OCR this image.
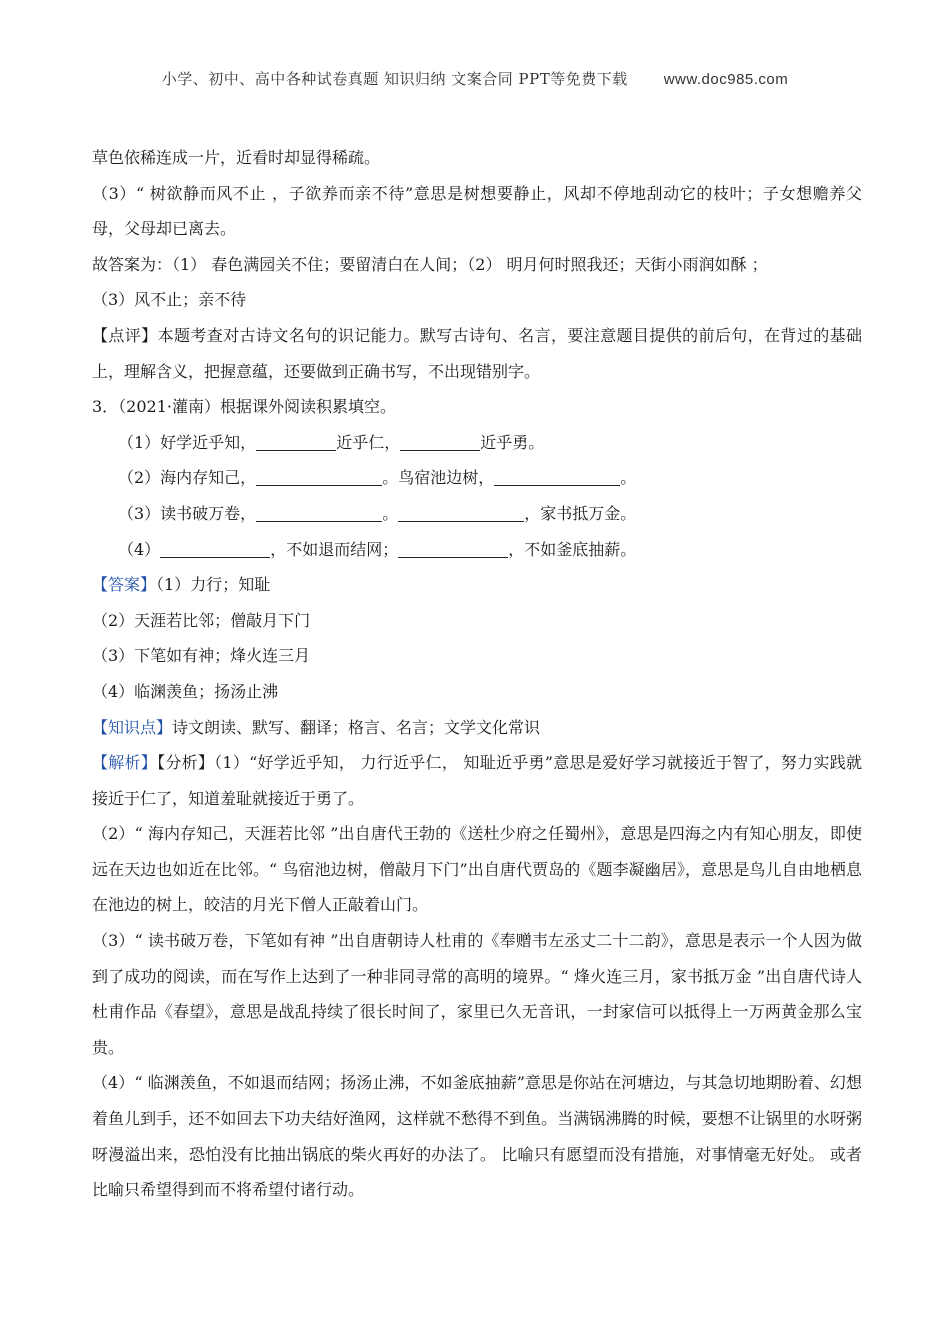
小学、初中、高中各种试卷真题 知识归纳 文案合同 PPT等免费下载 www.doc985.com

草色依稀连成一片，近看时却显得稀疏。

（3）“ 树欲静而风不止 ，子欲养而亲不待”意思是树想要静止，风却不停地刮动它的枝叶；子女想赡养父母，父母却已离去。

故答案为：（1） 春色满园关不住；要留清白在人间；（2） 明月何时照我还；天街小雨润如酥 ；

（3）风不止；亲不待

【点评】本题考查对古诗文名句的识记能力。默写古诗句、名言，要注意题目提供的前后句，在背过的基础上，理解含义，把握意蕴，还要做到正确书写，不出现错别字。

3．（2021·灌南）根据课外阅读积累填空。

（1）好学近乎知，	近乎仁，	近乎勇。

（2）海内存知己，	。鸟宿池边树，	。

（3）读书破万卷，	。	，家书抵万金。

（4）	，不如退而结网；	，不如釜底抽薪。

【答案】（1）力行；知耻

（2）天涯若比邻；僧敲月下门

（3）下笔如有神；烽火连三月

（4）临渊羡鱼；扬汤止沸

【知识点】诗文朗读、默写、翻译；格言、名言；文学文化常识

【解析】【分析】（1）“好学近乎知， 力行近乎仁， 知耻近乎勇”意思是爱好学习就接近于智了，努力实践就接近于仁了，知道羞耻就接近于勇了。

（2）“ 海内存知己，天涯若比邻 ”出自唐代王勃的《送杜少府之任蜀州》，意思是四海之内有知心朋友，即使远在天边也如近在比邻。“ 鸟宿池边树，僧敲月下门”出自唐代贾岛的《题李凝幽居》，意思是鸟儿自由地栖息在池边的树上，皎洁的月光下僧人正敲着山门。

（3）“ 读书破万卷，下笔如有神 ”出自唐朝诗人杜甫的《奉赠韦左丞丈二十二韵》，意思是表示一个人因为做到了成功的阅读，而在写作上达到了一种非同寻常的高明的境界。“ 烽火连三月，家书抵万金 ”出自唐代诗人杜甫作品《春望》，意思是战乱持续了很长时间了，家里已久无音讯，一封家信可以抵得上一万两黄金那么宝贵。

（4）“ 临渊羡鱼，不如退而结网；扬汤止沸，不如釜底抽薪”意思是你站在河塘边，与其急切地期盼着、幻想着鱼儿到手，还不如回去下功夫结好渔网，这样就不愁得不到鱼。当满锅沸腾的时候，要想不让锅里的水呀粥呀漫溢出来，恐怕没有比抽出锅底的柴火再好的办法了。 比喻只有愿望而没有措施，对事情毫无好处。 或者比喻只希望得到而不将希望付诸行动。
